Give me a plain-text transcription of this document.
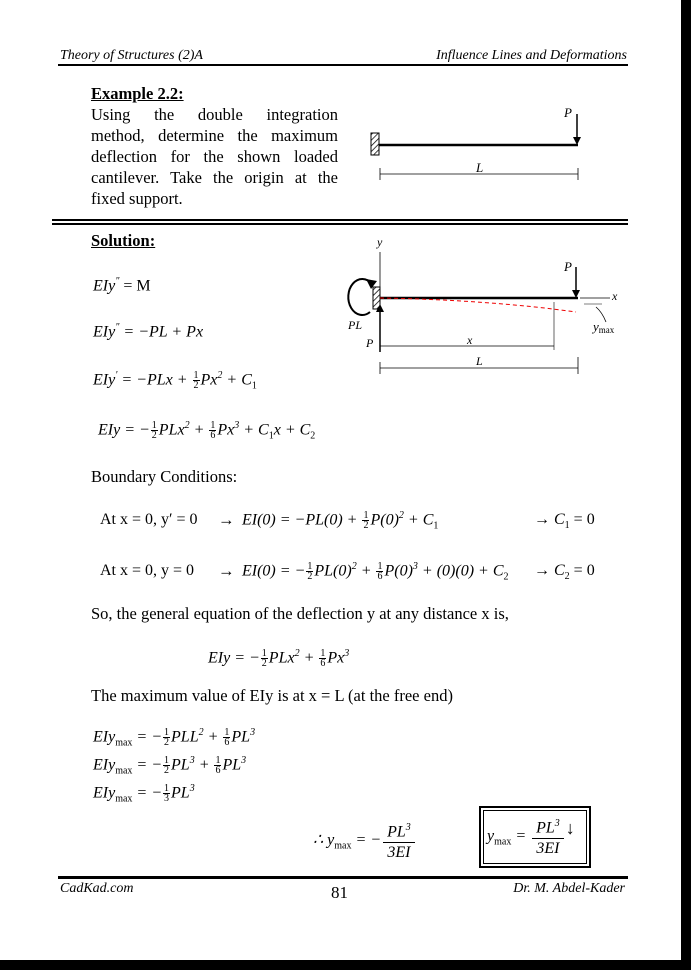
Theory of Structures (2)A	Influence Lines and Deformations
Example 2.2:
Using the double integration
method, determine the maximum
deflection for the shown loaded
cantilever. Take the origin at the
fixed support.
P
L
Solution:	y
P
x
ymax
PL
P	x
L
EIy" = M
EIy" = −PL + Px
$EIy' = -PLx + \frac{1}{2} Px^2 + C_1$
EIy = − $\frac{1}{2} PLx^2 + \frac{1}{6} Px^3 + C_1x + C_2$
Boundary Conditions:
At x = 0, $y' = 0 \to EI(0) = -PL(0) + \frac{1}{2} P(0)^2 + C_1$	→ $C_1 = 0$
At x = 0, y = 0 → EI(0) = − $\frac{1}{2} PL(0)^2 + \frac{1}{6} P(0)^3 + (0)(0) + C_2 \to C_2 = 0$
So, the general equation of the deflection y at any distance x is,
EIy = − $\frac{1}{2} PLx^2 + \frac{1}{6} Px^3$
The maximum value of EIy is at x = L (at the free end)
EIy$_{max}$ = − $\frac{1}{2} PLL^2 + \frac{1}{6} PL^3$
EIy$_{max}$ = − $\frac{1}{2} PL^3 + \frac{1}{6} PL^3$
EIy$_{max}$ = − $\frac{1}{3} PL^3$
∴ $y_{max}$ = − $\frac{PL^3}{3EI}$	$y_{max} = \frac{PL^3}{3EI}$ ↓
CadKad.com	81	Dr. M. Abdel-Kader
